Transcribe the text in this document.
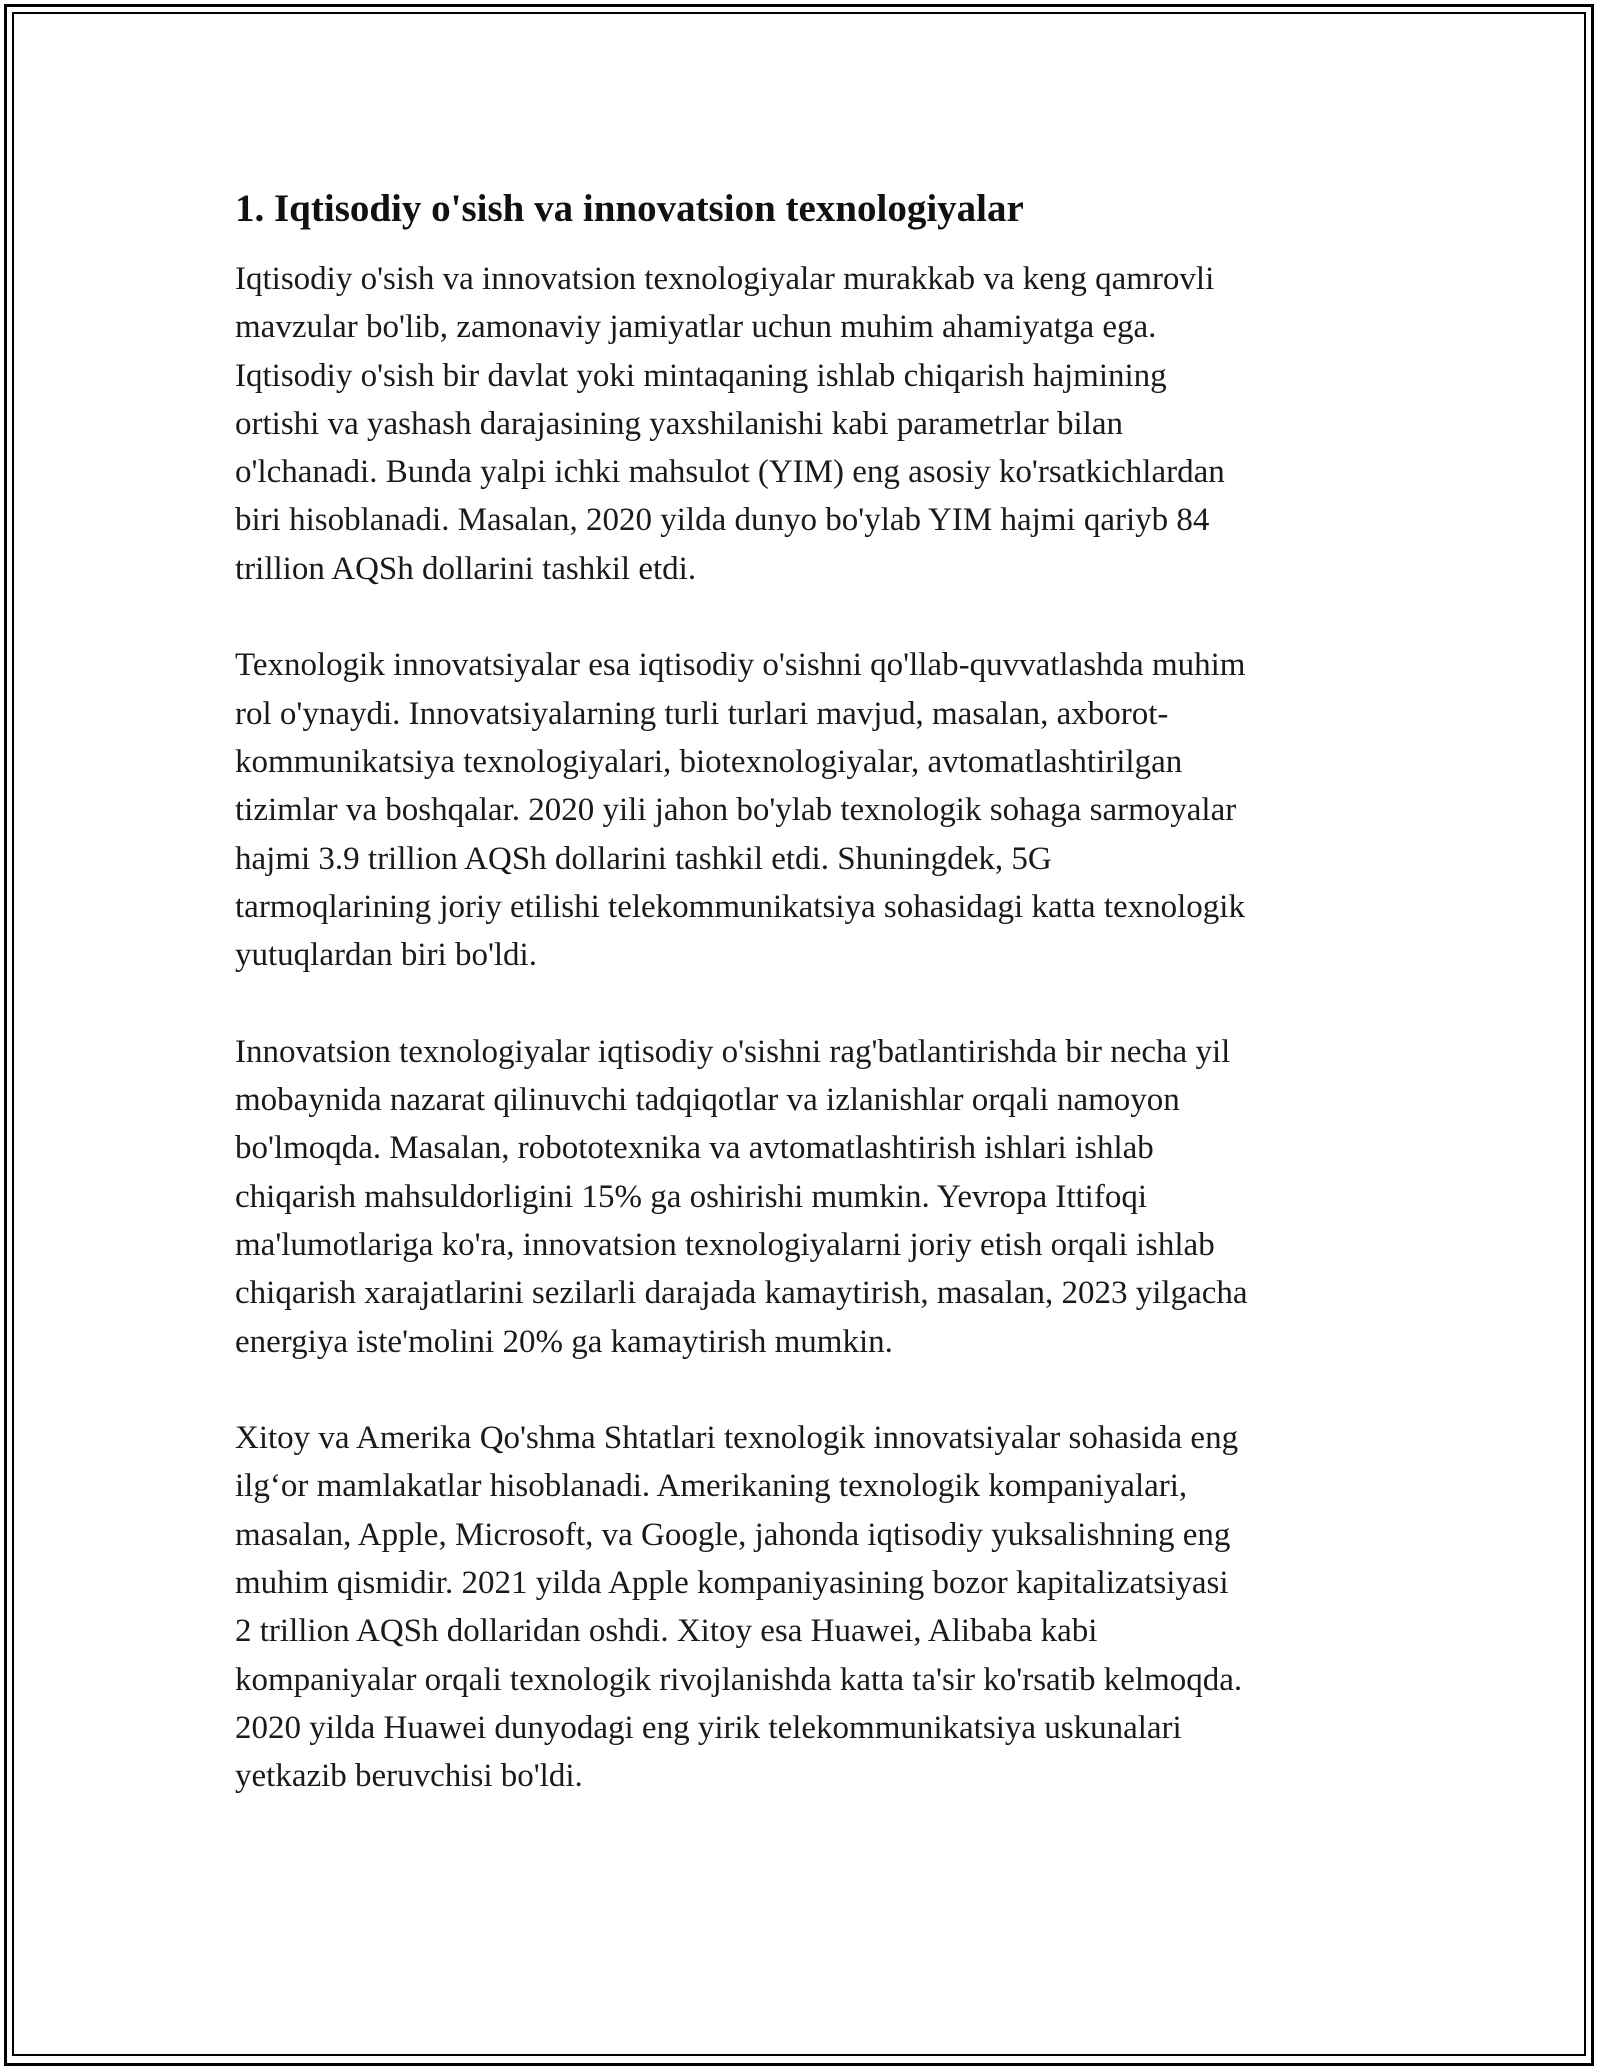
1. Iqtisodiy o'sish va innovatsion texnologiyalar

Iqtisodiy o'sish va innovatsion texnologiyalar murakkab va keng qamrovli
mavzular bo'lib, zamonaviy jamiyatlar uchun muhim ahamiyatga ega.
Iqtisodiy o'sish bir davlat yoki mintaqaning ishlab chiqarish hajmining
ortishi va yashash darajasining yaxshilanishi kabi parametrlar bilan
o'lchanadi. Bunda yalpi ichki mahsulot (YIM) eng asosiy ko'rsatkichlardan
biri hisoblanadi. Masalan, 2020 yilda dunyo bo'ylab YIM hajmi qariyb 84
trillion AQSh dollarini tashkil etdi.

Texnologik innovatsiyalar esa iqtisodiy o'sishni qo'llab-quvvatlashda muhim
rol o'ynaydi. Innovatsiyalarning turli turlari mavjud, masalan, axborot-
kommunikatsiya texnologiyalari, biotexnologiyalar, avtomatlashtirilgan
tizimlar va boshqalar. 2020 yili jahon bo'ylab texnologik sohaga sarmoyalar
hajmi 3.9 trillion AQSh dollarini tashkil etdi. Shuningdek, 5G
tarmoqlarining joriy etilishi telekommunikatsiya sohasidagi katta texnologik
yutuqlardan biri bo'ldi.

Innovatsion texnologiyalar iqtisodiy o'sishni rag'batlantirishda bir necha yil
mobaynida nazarat qilinuvchi tadqiqotlar va izlanishlar orqali namoyon
bo'lmoqda. Masalan, robototexnika va avtomatlashtirish ishlari ishlab
chiqarish mahsuldorligini 15% ga oshirishi mumkin. Yevropa Ittifoqi
ma'lumotlariga ko'ra, innovatsion texnologiyalarni joriy etish orqali ishlab
chiqarish xarajatlarini sezilarli darajada kamaytirish, masalan, 2023 yilgacha
energiya iste'molini 20% ga kamaytirish mumkin.

Xitoy va Amerika Qo'shma Shtatlari texnologik innovatsiyalar sohasida eng
ilg‘or mamlakatlar hisoblanadi. Amerikaning texnologik kompaniyalari,
masalan, Apple, Microsoft, va Google, jahonda iqtisodiy yuksalishning eng
muhim qismidir. 2021 yilda Apple kompaniyasining bozor kapitalizatsiyasi
2 trillion AQSh dollaridan oshdi. Xitoy esa Huawei, Alibaba kabi
kompaniyalar orqali texnologik rivojlanishda katta ta'sir ko'rsatib kelmoqda.
2020 yilda Huawei dunyodagi eng yirik telekommunikatsiya uskunalari
yetkazib beruvchisi bo'ldi.
